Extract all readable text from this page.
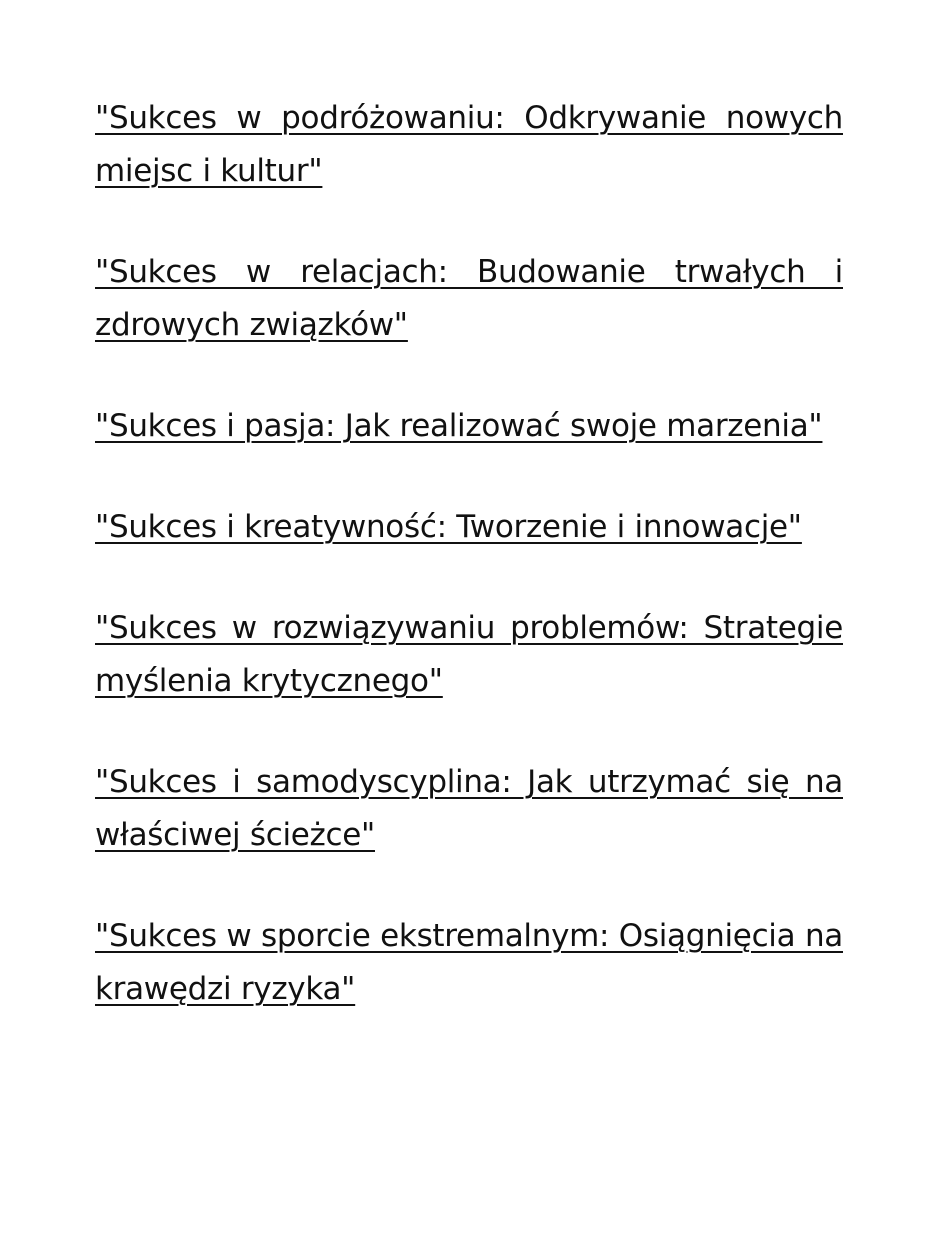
"Sukces w podróżowaniu: Odkrywanie nowych miejsc i kultur"

"Sukces w relacjach: Budowanie trwałych i zdrowych związków"

"Sukces i pasja: Jak realizować swoje marzenia"

"Sukces i kreatywność: Tworzenie i innowacje"

"Sukces w rozwiązywaniu problemów: Strategie myślenia krytycznego"

"Sukces i samodyscyplina: Jak utrzymać się na właściwej ścieżce"

"Sukces w sporcie ekstremalnym: Osiągnięcia na krawędzi ryzyka"
